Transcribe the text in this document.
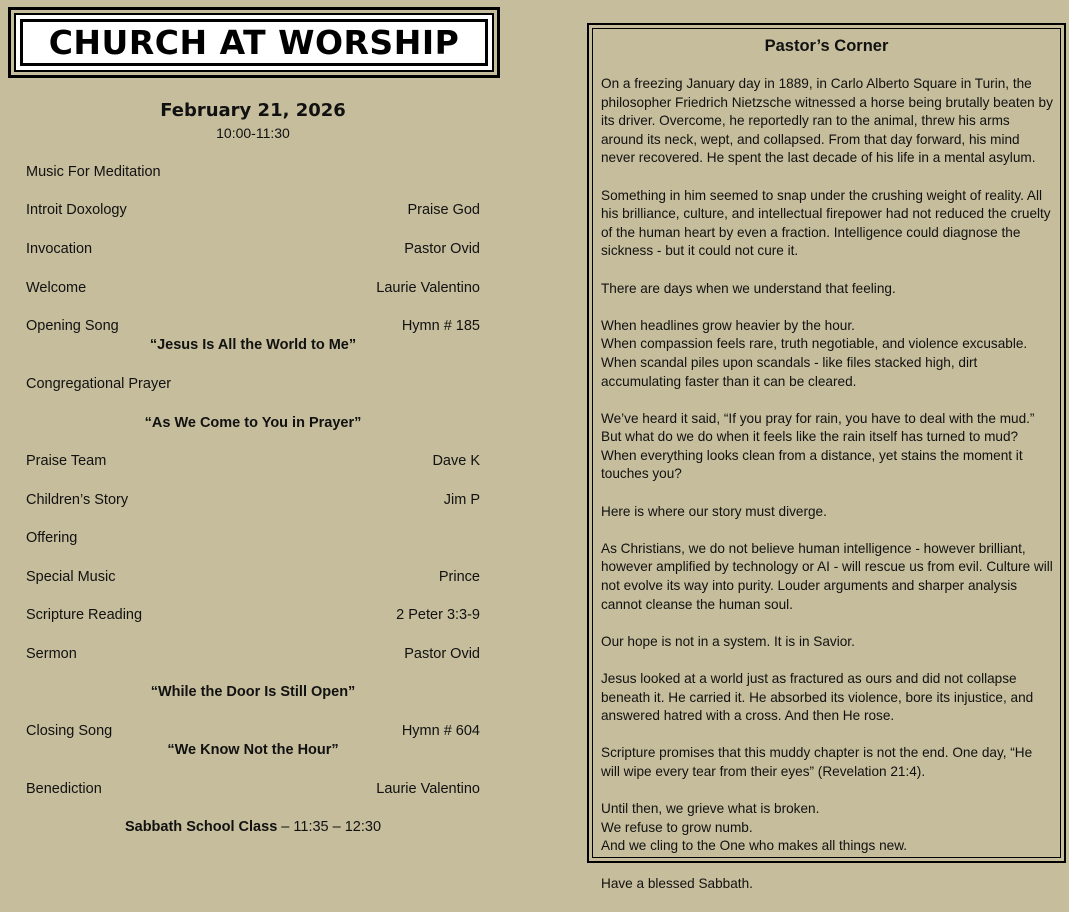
CHURCH AT WORSHIP
February 21, 2026
10:00-11:30
Music For Meditation
Introit Doxology	Praise God
Invocation	Pastor Ovid
Welcome	Laurie Valentino
Opening Song	Hymn # 185
“Jesus Is All the World to Me”
Congregational Prayer
“As We Come to You in Prayer”
Praise Team	Dave K
Children’s Story	Jim P
Offering
Special Music	Prince
Scripture Reading	2 Peter 3:3-9
Sermon	Pastor Ovid
“While the Door Is Still Open”
Closing Song	Hymn # 604
“We Know Not the Hour”
Benediction	Laurie Valentino
Sabbath School Class – 11:35 – 12:30
Pastor’s Corner

On a freezing January day in 1889, in Carlo Alberto Square in Turin, the philosopher Friedrich Nietzsche witnessed a horse being brutally beaten by its driver. Overcome, he reportedly ran to the animal, threw his arms around its neck, wept, and collapsed. From that day forward, his mind never recovered. He spent the last decade of his life in a mental asylum.

Something in him seemed to snap under the crushing weight of reality. All his brilliance, culture, and intellectual firepower had not reduced the cruelty of the human heart by even a fraction. Intelligence could diagnose the sickness - but it could not cure it.

There are days when we understand that feeling.

When headlines grow heavier by the hour.
When compassion feels rare, truth negotiable, and violence excusable.
When scandal piles upon scandals - like files stacked high, dirt accumulating faster than it can be cleared.

We’ve heard it said, “If you pray for rain, you have to deal with the mud.” But what do we do when it feels like the rain itself has turned to mud? When everything looks clean from a distance, yet stains the moment it touches you?

Here is where our story must diverge.

As Christians, we do not believe human intelligence - however brilliant, however amplified by technology or AI - will rescue us from evil. Culture will not evolve its way into purity. Louder arguments and sharper analysis cannot cleanse the human soul.

Our hope is not in a system. It is in Savior.

Jesus looked at a world just as fractured as ours and did not collapse beneath it. He carried it. He absorbed its violence, bore its injustice, and answered hatred with a cross. And then He rose.

Scripture promises that this muddy chapter is not the end. One day, “He will wipe every tear from their eyes” (Revelation 21:4).

Until then, we grieve what is broken.
We refuse to grow numb.
And we cling to the One who makes all things new.

Have a blessed Sabbath.
